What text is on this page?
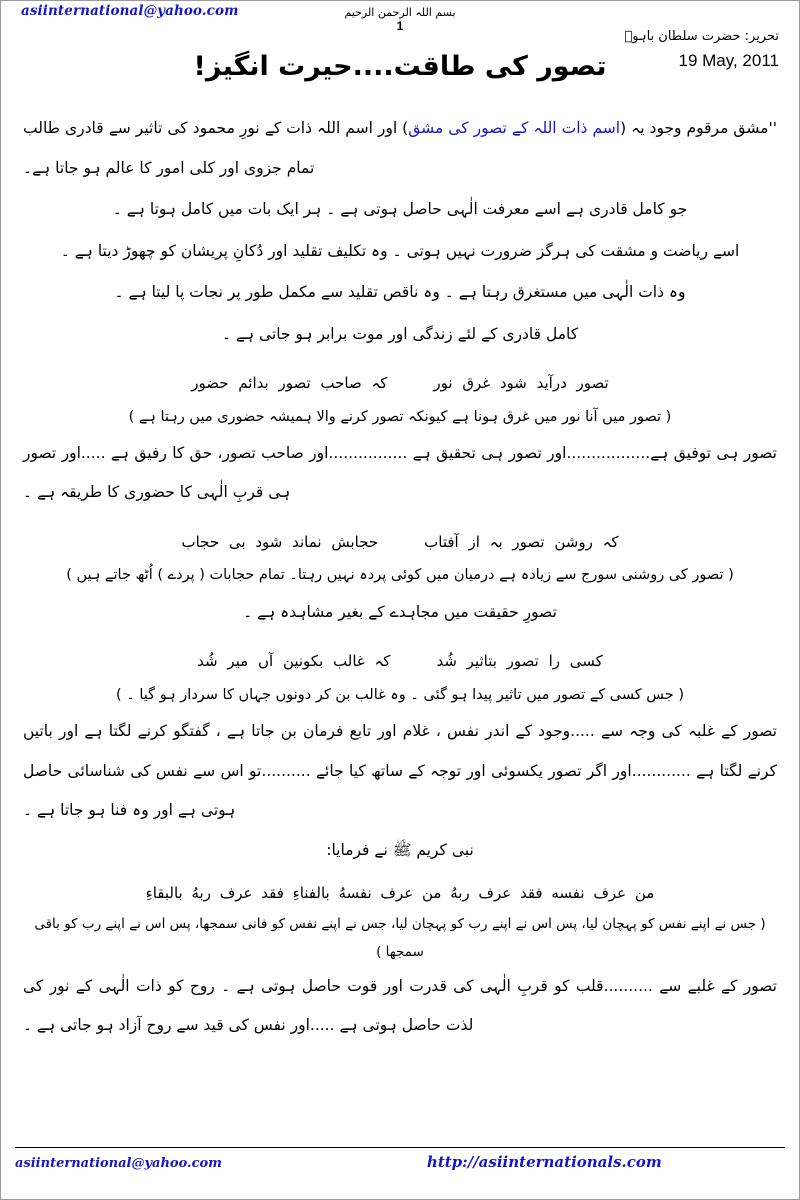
asiinternational@yahoo.com	بسم اللہ الرحمن الرحیم
1
تحریر: حضرت سلطان باہوؒ
19 May, 2011
تصور کی طاقت....حیرت انگیز!

''مشق مرقوم وجود یہ (اسم ذات اللہ کے تصور کی مشق) اور اسم اللہ ذات کے نورِ محمود کی تاثیر سے قادری طالب تمام جزوی اور کلی امور کا عالم ہو جاتا ہے۔

جو کامل قادری ہے اسے معرفت الٰہی حاصل ہوتی ہے ۔ ہر ایک بات میں کامل ہوتا ہے ۔

اسے ریاضت و مشقت کی ہرگز ضرورت نہیں ہوتی ۔ وہ تکلیف تقلید اور دُکانِ پریشان کو چھوڑ دیتا ہے ۔

وہ ذات الٰہی میں مستغرق رہتا ہے ۔ وہ ناقص تقلید سے مکمل طور پر نجات پا لیتا ہے ۔

کامل قادری کے لئے زندگی اور موت برابر ہو جاتی ہے ۔

تصور درآید شود غرق نورکہ صاحب تصور بدائم حضور

( تصور میں آنا نور میں غرق ہونا ہے کیونکہ تصور کرنے والا ہمیشہ حضوری میں رہتا ہے )

تصور ہی توفیق ہے.................اور تصور ہی تحقیق ہے ................اور صاحب تصور، حق کا رفیق ہے .....اور تصور ہی قربِ الٰہی کا حضوری کا طریقہ ہے ۔

کہ روشن تصور بہ از آفتابحجابش نماند شود بی حجاب

( تصور کی روشنی سورج سے زیادہ ہے درمیان میں کوئی پردہ نہیں رہتا۔ تمام حجابات ( پردے ) اُٹھ جاتے ہیں )

تصورِ حقیقت میں مجاہدے کے بغیر مشاہدہ ہے ۔

کسی را تصور بتاثیر شُدکہ غالب بکونین آں میر شُد

( جس کسی کے تصور میں تاثیر پیدا ہو گئی ۔ وہ غالب بن کر دونوں جہاں کا سردار ہو گیا ۔ )

تصور کے غلبہ کی وجہ سے .....وجود کے اندر نفس ، غلام اور تابع فرمان بن جاتا ہے ، گفتگو کرنے لگتا ہے اور باتیں کرنے لگتا ہے ............اور اگر تصور یکسوئی اور توجہ کے ساتھ کیا جائے ..........تو اس سے نفس کی شناسائی حاصل ہوتی ہے اور وہ فنا ہو جاتا ہے ۔

نبی کریم ﷺ نے فرمایا:

من عرف نفسه فقد عرف ربهُ من عرف نفسهُ بالفناءِ فقد عرف ربهُ بالبقاءِ

( جس نے اپنے نفس کو پہچان لیا، پس اس نے اپنے رب کو پہچان لیا، جس نے اپنے نفس کو فانی سمجھا، پس اس نے اپنے رب کو باقی سمجھا )

تصور کے غلبے سے ..........قلب کو قربِ الٰہی کی قدرت اور قوت حاصل ہوتی ہے ۔ روح کو ذات الٰہی کے نور کی لذت حاصل ہوتی ہے .....اور نفس کی قید سے روح آزاد ہو جاتی ہے ۔

asiinternational@yahoo.com	http://asiinternationals.com
